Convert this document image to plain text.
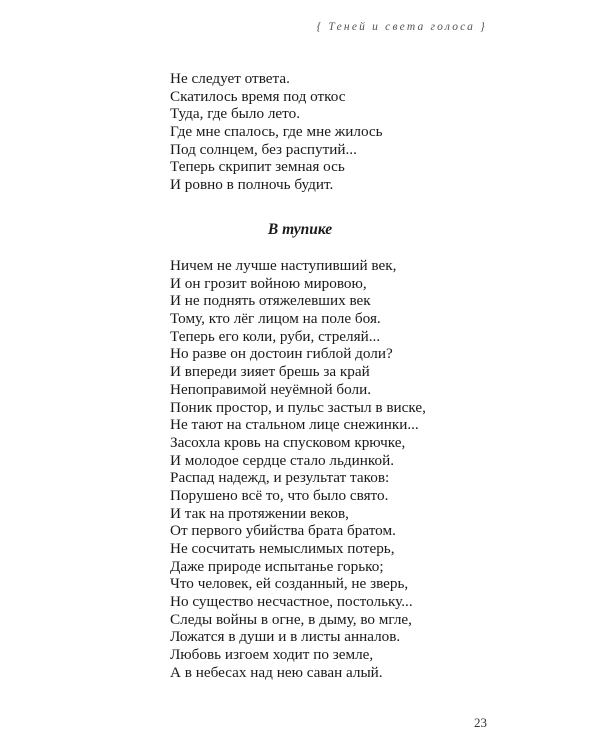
{ Теней и света голоса }
Не следует ответа.
Скатилось время под откос
Туда, где было лето.
Где мне спалось, где мне жилось
Под солнцем, без распутий...
Теперь скрипит земная ось
И ровно в полночь будит.
В тупике
Ничем не лучше наступивший век,
И он грозит войною мировою,
И не поднять отяжелевших век
Тому, кто лёг лицом на поле боя.
Теперь его коли, руби, стреляй...
Но разве он достоин гиблой доли?
И впереди зияет брешь за край
Непоправимой неуёмной боли.
Поник простор, и пульс застыл в виске,
Не тают на стальном лице снежинки...
Засохла кровь на спусковом крючке,
И молодое сердце стало льдинкой.
Распад надежд, и результат таков:
Порушено всё то, что было свято.
И так на протяжении веков,
От первого убийства брата братом.
Не сосчитать немыслимых потерь,
Даже природе испытанье горько;
Что человек, ей созданный, не зверь,
Но существо несчастное, постольку...
Следы войны в огне, в дыму, во мгле,
Ложатся в души и в листы анналов.
Любовь изгоем ходит по земле,
А в небесах над нею саван алый.
23
